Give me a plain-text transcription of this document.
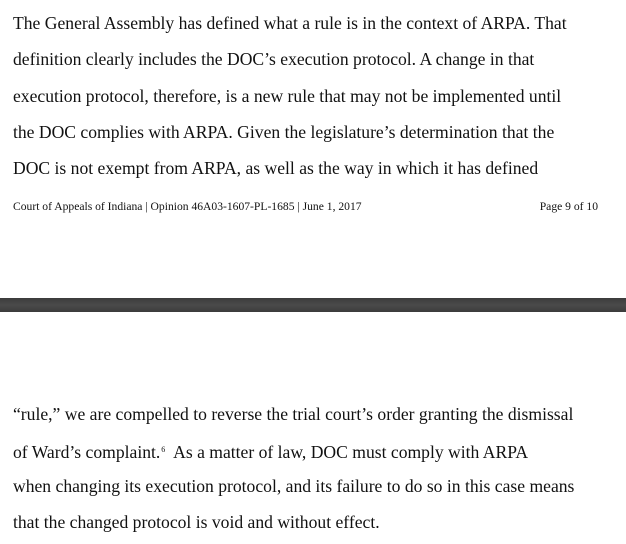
The General Assembly has defined what a rule is in the context of ARPA. That
definition clearly includes the DOC’s execution protocol. A change in that
execution protocol, therefore, is a new rule that may not be implemented until
the DOC complies with ARPA. Given the legislature’s determination that the
DOC is not exempt from ARPA, as well as the way in which it has defined
Court of Appeals of Indiana | Opinion 46A03-1607-PL-1685 | June 1, 2017	Page 9 of 10
“rule,” we are compelled to reverse the trial court’s order granting the dismissal
of Ward’s complaint.$^6$  As a matter of law, DOC must comply with ARPA
when changing its execution protocol, and its failure to do so in this case means
that the changed protocol is void and without effect.
